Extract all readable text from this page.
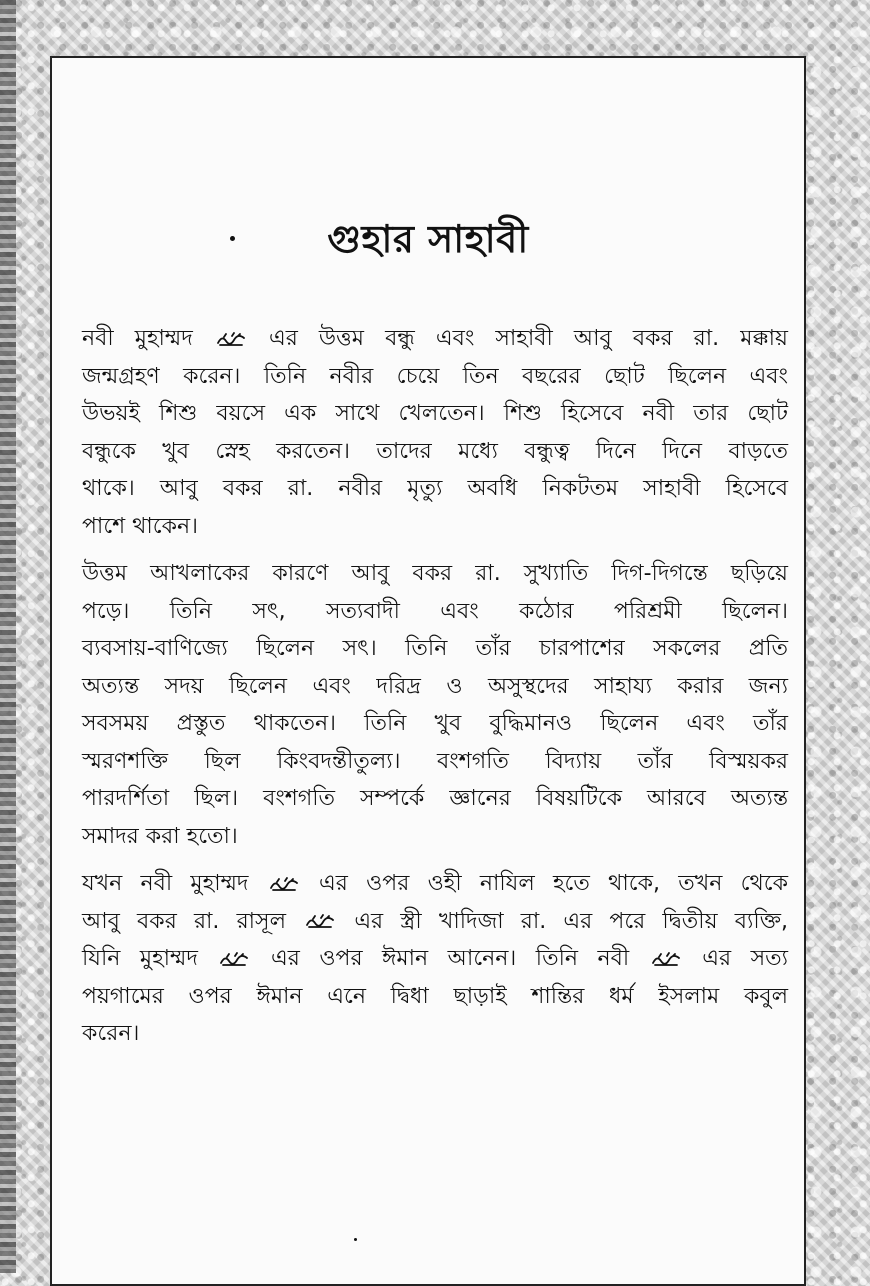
গুহার সাহাবী
নবী মুহাম্মদ	এর উত্তম বন্ধু এবং সাহাবী আবু বকর রা. মক্কায়
জন্মগ্রহণ করেন। তিনি নবীর চেয়ে তিন বছরের ছোট ছিলেন এবং
উভয়ই শিশু বয়সে এক সাথে খেলতেন। শিশু হিসেবে নবী তার ছোট
বন্ধুকে খুব স্নেহ করতেন। তাদের মধ্যে বন্ধুত্ব দিনে দিনে বাড়তে
থাকে। আবু বকর রা. নবীর মৃত্যু অবধি নিকটতম সাহাবী হিসেবে
পাশে থাকেন।
উত্তম আখলাকের কারণে আবু বকর রা. সুখ্যাতি দিগ-দিগন্তে ছড়িয়ে
পড়ে। তিনি সৎ, সত্যবাদী এবং কঠোর পরিশ্রমী ছিলেন।
ব্যবসায়-বাণিজ্যে ছিলেন সৎ। তিনি তাঁর চারপাশের সকলের প্রতি
অত্যন্ত সদয় ছিলেন এবং দরিদ্র ও অসুস্থদের সাহায্য করার জন্য
সবসময় প্রস্তুত থাকতেন। তিনি খুব বুদ্ধিমানও ছিলেন এবং তাঁর
স্মরণশক্তি ছিল কিংবদন্তীতুল্য। বংশগতি বিদ্যায় তাঁর বিস্ময়কর
পারদর্শিতা ছিল। বংশগতি সম্পর্কে জ্ঞানের বিষয়টিকে আরবে অত্যন্ত
সমাদর করা হতো।
যখন নবী মুহাম্মদ	এর ওপর ওহী নাযিল হতে থাকে, তখন থেকে
আবু বকর রা. রাসূল	এর স্ত্রী খাদিজা রা. এর পরে দ্বিতীয় ব্যক্তি,
যিনি মুহাম্মদ	এর ওপর ঈমান আনেন। তিনি নবী	এর সত্য
পয়গামের ওপর ঈমান এনে দ্বিধা ছাড়াই শান্তির ধর্ম ইসলাম কবুল
করেন।
